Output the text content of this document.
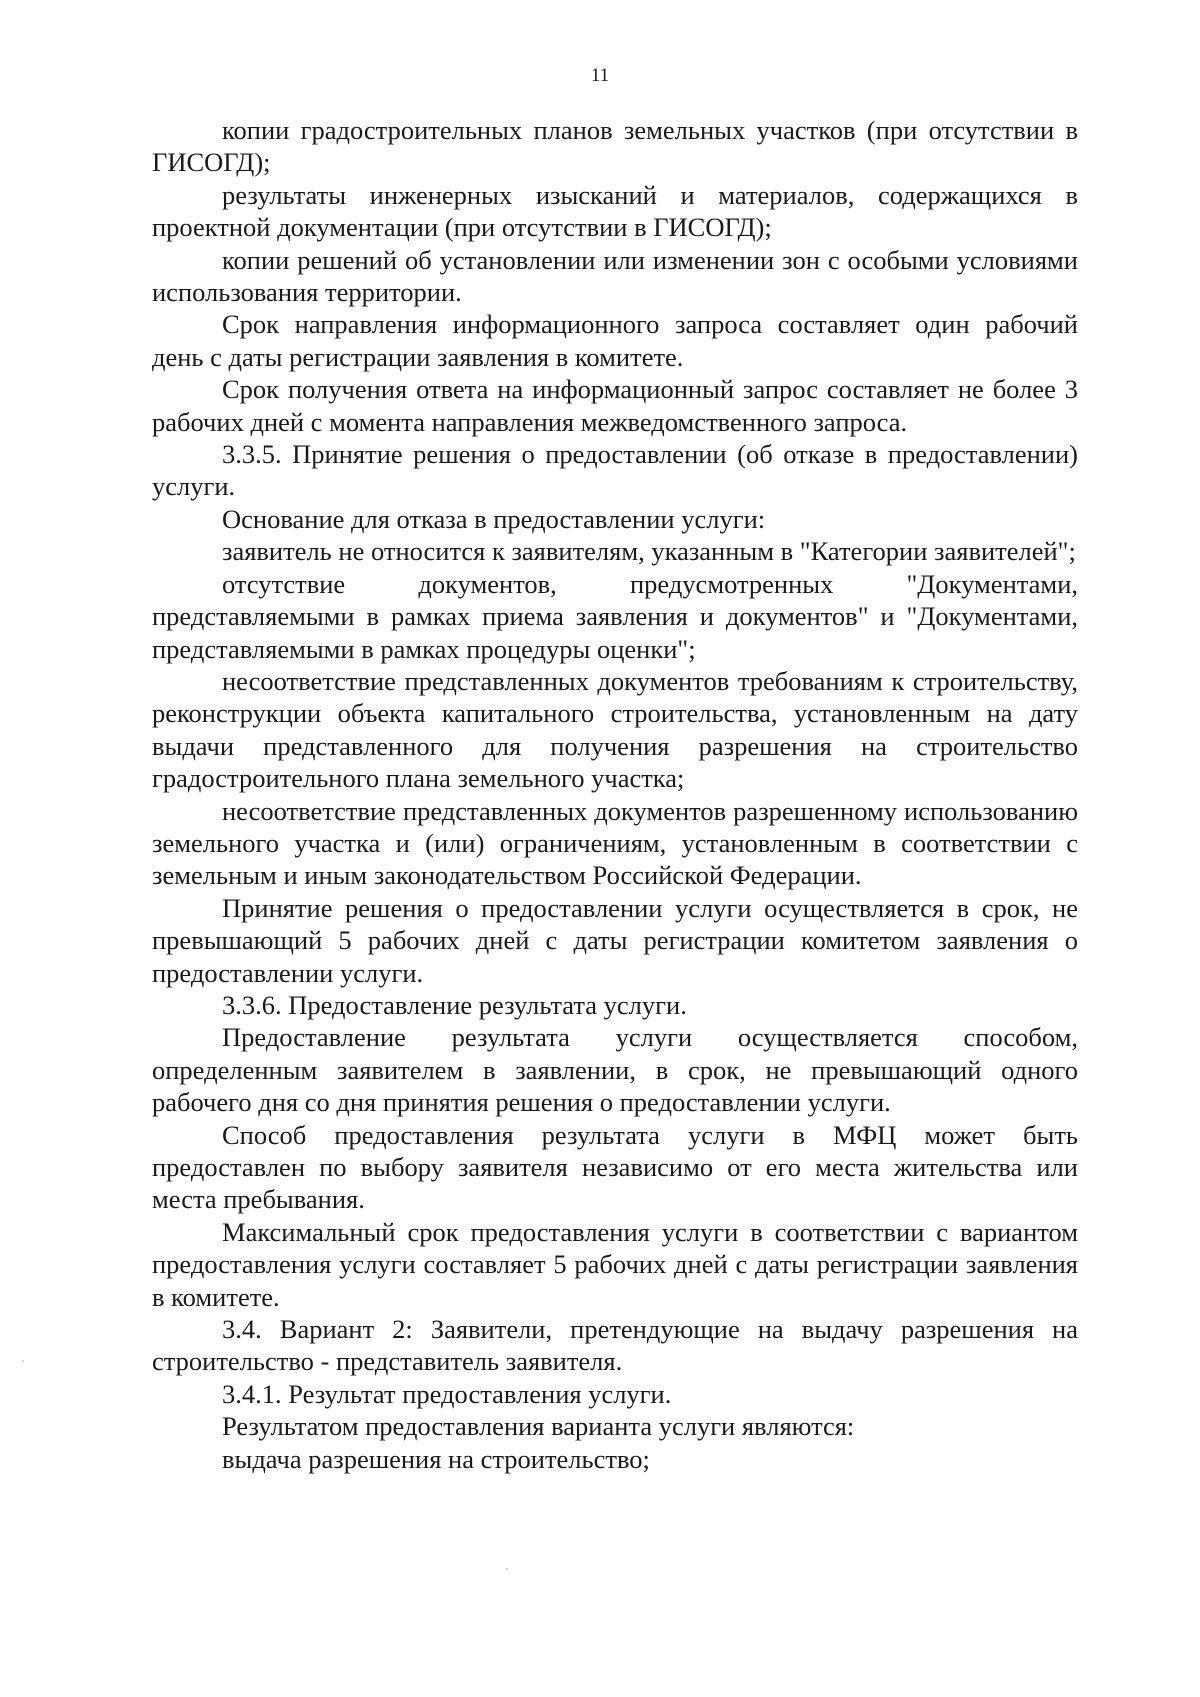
11

копии градостроительных планов земельных участков (при отсутствии в ГИСОГД);

результаты инженерных изысканий и материалов, содержащихся в проектной документации (при отсутствии в ГИСОГД);

копии решений об установлении или изменении зон с особыми условиями использования территории.

Срок направления информационного запроса составляет один рабочий день с даты регистрации заявления в комитете.

Срок получения ответа на информационный запрос составляет не более 3 рабочих дней с момента направления межведомственного запроса.

3.3.5. Принятие решения о предоставлении (об отказе в предоставлении) услуги.

Основание для отказа в предоставлении услуги:

заявитель не относится к заявителям, указанным в "Категории заявителей";

отсутствие документов, предусмотренных "Документами, представляемыми в рамках приема заявления и документов" и "Документами, представляемыми в рамках процедуры оценки";

несоответствие представленных документов требованиям к строительству, реконструкции объекта капитального строительства, установленным на дату выдачи представленного для получения разрешения на строительство градостроительного плана земельного участка;

несоответствие представленных документов разрешенному использованию земельного участка и (или) ограничениям, установленным в соответствии с земельным и иным законодательством Российской Федерации.

Принятие решения о предоставлении услуги осуществляется в срок, не превышающий 5 рабочих дней с даты регистрации комитетом заявления о предоставлении услуги.

3.3.6. Предоставление результата услуги.

Предоставление результата услуги осуществляется способом, определенным заявителем в заявлении, в срок, не превышающий одного рабочего дня со дня принятия решения о предоставлении услуги.

Способ предоставления результата услуги в МФЦ может быть предоставлен по выбору заявителя независимо от его места жительства или места пребывания.

Максимальный срок предоставления услуги в соответствии с вариантом предоставления услуги составляет 5 рабочих дней с даты регистрации заявления в комитете.

3.4. Вариант 2: Заявители, претендующие на выдачу разрешения на строительство - представитель заявителя.

3.4.1. Результат предоставления услуги.

Результатом предоставления варианта услуги являются:

выдача разрешения на строительство;
